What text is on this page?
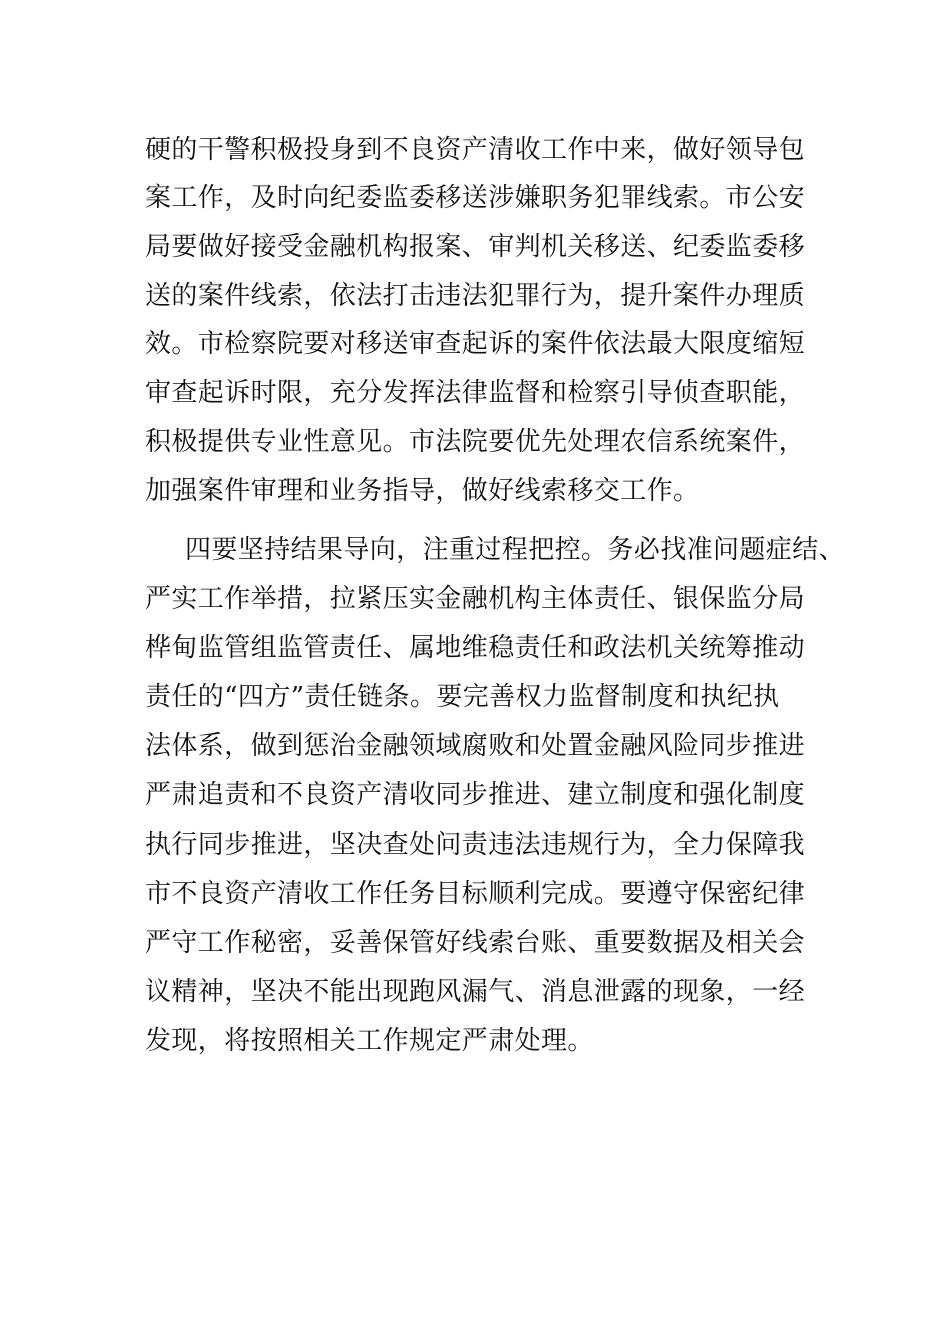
硬的干警积极投身到不良资产清收工作中来，做好领导包
案工作，及时向纪委监委移送涉嫌职务犯罪线索。市公安
局要做好接受金融机构报案、审判机关移送、纪委监委移
送的案件线索，依法打击违法犯罪行为，提升案件办理质
效。市检察院要对移送审查起诉的案件依法最大限度缩短
审查起诉时限，充分发挥法律监督和检察引导侦查职能，
积极提供专业性意见。市法院要优先处理农信系统案件，
加强案件审理和业务指导，做好线索移交工作。
四要坚持结果导向，注重过程把控。务必找准问题症结、
严实工作举措，拉紧压实金融机构主体责任、银保监分局
桦甸监管组监管责任、属地维稳责任和政法机关统筹推动
责任的“四方”责任链条。要完善权力监督制度和执纪执
法体系，做到惩治金融领域腐败和处置金融风险同步推进
严肃追责和不良资产清收同步推进、建立制度和强化制度
执行同步推进，坚决查处问责违法违规行为，全力保障我
市不良资产清收工作任务目标顺利完成。要遵守保密纪律
严守工作秘密，妥善保管好线索台账、重要数据及相关会
议精神，坚决不能出现跑风漏气、消息泄露的现象，一经
发现，将按照相关工作规定严肃处理。
